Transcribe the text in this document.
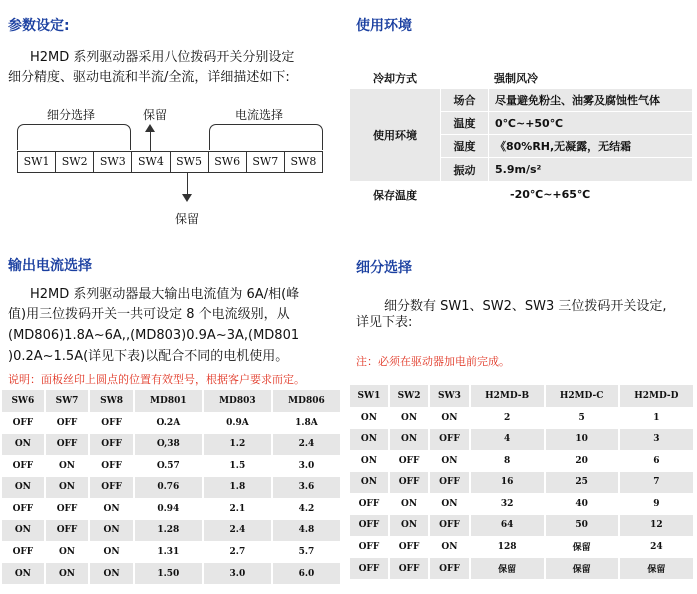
参数设定:
H2MD 系列驱动器采用八位拨码开关分别设定
细分精度、驱动电流和半流/全流，详细描述如下:
细分选择	保留	电流选择
SW1	SW2	SW3	SW4	SW5	SW6	SW7	SW8
保留
使用环境
冷却方式	强制风冷
使用环境
场合	尽量避免粉尘、油雾及腐蚀性气体
温度	0℃~+50℃
湿度	《80%RH,无凝露，无结霜
振动	5.9m/s²
保存温度	-20℃~+65℃
输出电流选择
H2MD 系列驱动器最大输出电流值为 6A/相(峰
值)用三位拨码开关一共可设定 8 个电流级别，从
(MD806)1.8A~6A,,(MD803)0.9A~3A,(MD801
)0.2A~1.5A(详见下表)以配合不同的电机使用。
说明：面板丝印上圆点的位置有效型号，根据客户要求而定。
SW6	SW7	SW8	MD801	MD803	MD806
OFF	OFF	OFF	O.2A	0.9A	1.8A
ON	OFF	OFF	O,38	1.2	2.4
OFF	ON	OFF	O.57	1.5	3.0
ON	ON	OFF	0.76	1.8	3.6
OFF	OFF	ON	0.94	2.1	4.2
ON	OFF	ON	1.28	2.4	4.8
OFF	ON	ON	1.31	2.7	5.7
ON	ON	ON	1.50	3.0	6.0
细分选择
细分数有 SW1、SW2、SW3 三位拨码开关设定,
详见下表:
注：必须在驱动器加电前完成。
SW1	SW2	SW3	H2MD-B	H2MD-C	H2MD-D
ON	ON	ON	2	5	1
ON	ON	OFF	4	10	3
ON	OFF	ON	8	20	6
ON	OFF	OFF	16	25	7
OFF	ON	ON	32	40	9
OFF	ON	OFF	64	50	12
OFF	OFF	ON	128	保留	24
OFF	OFF	OFF	保留	保留	保留
